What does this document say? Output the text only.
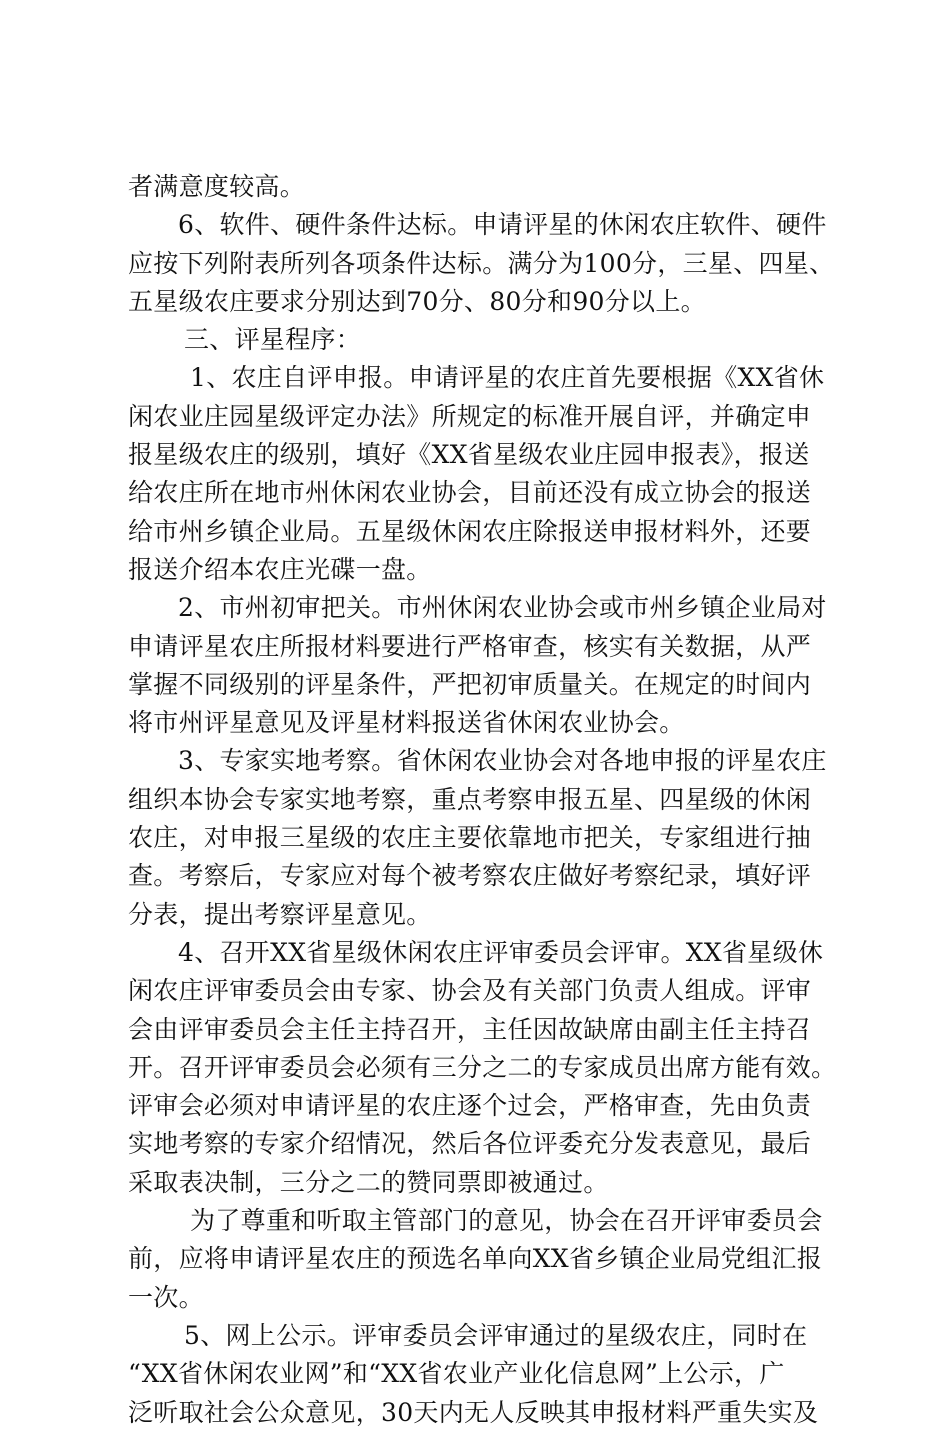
者满意度较高。
6、软件、硬件条件达标。申请评星的休闲农庄软件、硬件
应按下列附表所列各项条件达标。满分为100分，三星、四星、
五星级农庄要求分别达到70分、80分和90分以上。
三、评星程序：
1、农庄自评申报。申请评星的农庄首先要根据《XX省休
闲农业庄园星级评定办法》所规定的标准开展自评，并确定申
报星级农庄的级别，填好《XX省星级农业庄园申报表》，报送
给农庄所在地市州休闲农业协会，目前还没有成立协会的报送
给市州乡镇企业局。五星级休闲农庄除报送申报材料外，还要
报送介绍本农庄光碟一盘。
2、市州初审把关。市州休闲农业协会或市州乡镇企业局对
申请评星农庄所报材料要进行严格审查，核实有关数据，从严
掌握不同级别的评星条件，严把初审质量关。在规定的时间内
将市州评星意见及评星材料报送省休闲农业协会。
3、专家实地考察。省休闲农业协会对各地申报的评星农庄
组织本协会专家实地考察，重点考察申报五星、四星级的休闲
农庄，对申报三星级的农庄主要依靠地市把关，专家组进行抽
查。考察后，专家应对每个被考察农庄做好考察纪录，填好评
分表，提出考察评星意见。
4、召开XX省星级休闲农庄评审委员会评审。XX省星级休
闲农庄评审委员会由专家、协会及有关部门负责人组成。评审
会由评审委员会主任主持召开，主任因故缺席由副主任主持召
开。召开评审委员会必须有三分之二的专家成员出席方能有效。
评审会必须对申请评星的农庄逐个过会，严格审查，先由负责
实地考察的专家介绍情况，然后各位评委充分发表意见，最后
采取表决制，三分之二的赞同票即被通过。
为了尊重和听取主管部门的意见，协会在召开评审委员会
前，应将申请评星农庄的预选名单向XX省乡镇企业局党组汇报
一次。
5、网上公示。评审委员会评审通过的星级农庄，同时在
“XX省休闲农业网”和“XX省农业产业化信息网”上公示，广
泛听取社会公众意见，30天内无人反映其申报材料严重失实及
